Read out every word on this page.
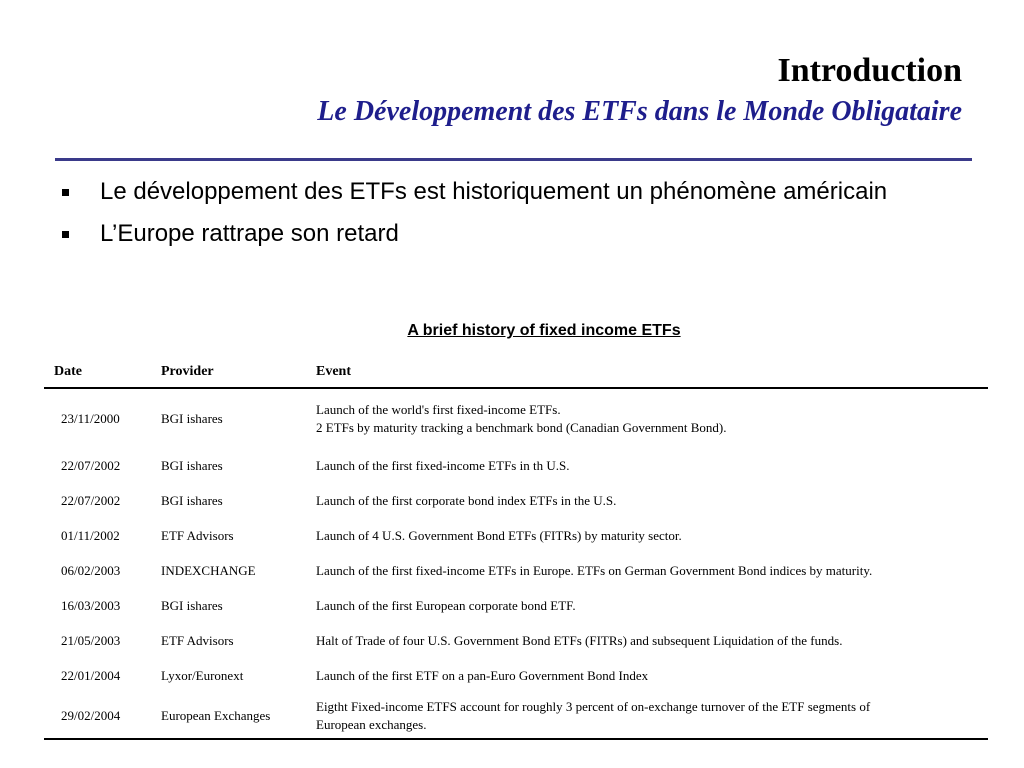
Introduction
Le Développement des ETFs dans le Monde Obligataire
Le développement des ETFs est historiquement un phénomène américain
L’Europe rattrape son retard
A brief history of fixed income ETFs
Date	Provider	Event
23/11/2000	BGI ishares	Launch of the world's first fixed-income ETFs.
2 ETFs by maturity tracking a benchmark bond (Canadian Government Bond).

22/07/2002	BGI ishares	Launch of the first fixed-income ETFs in th U.S.

22/07/2002	BGI ishares	Launch of the first corporate bond index ETFs in the U.S.

01/11/2002	ETF Advisors	Launch of 4 U.S. Government Bond ETFs (FITRs) by maturity sector.

06/02/2003	INDEXCHANGE	Launch of the first fixed-income ETFs in Europe. ETFs on German Government Bond indices by maturity.

16/03/2003	BGI ishares	Launch of the first European corporate bond ETF.

21/05/2003	ETF Advisors	Halt of Trade of four U.S. Government Bond ETFs (FITRs) and subsequent Liquidation of the funds.

22/01/2004	Lyxor/Euronext	Launch of the first ETF on a pan-Euro Government Bond Index

29/02/2004	European Exchanges	Eigtht Fixed-income ETFS account for roughly 3 percent of on-exchange turnover of the ETF segments of
European exchanges.
